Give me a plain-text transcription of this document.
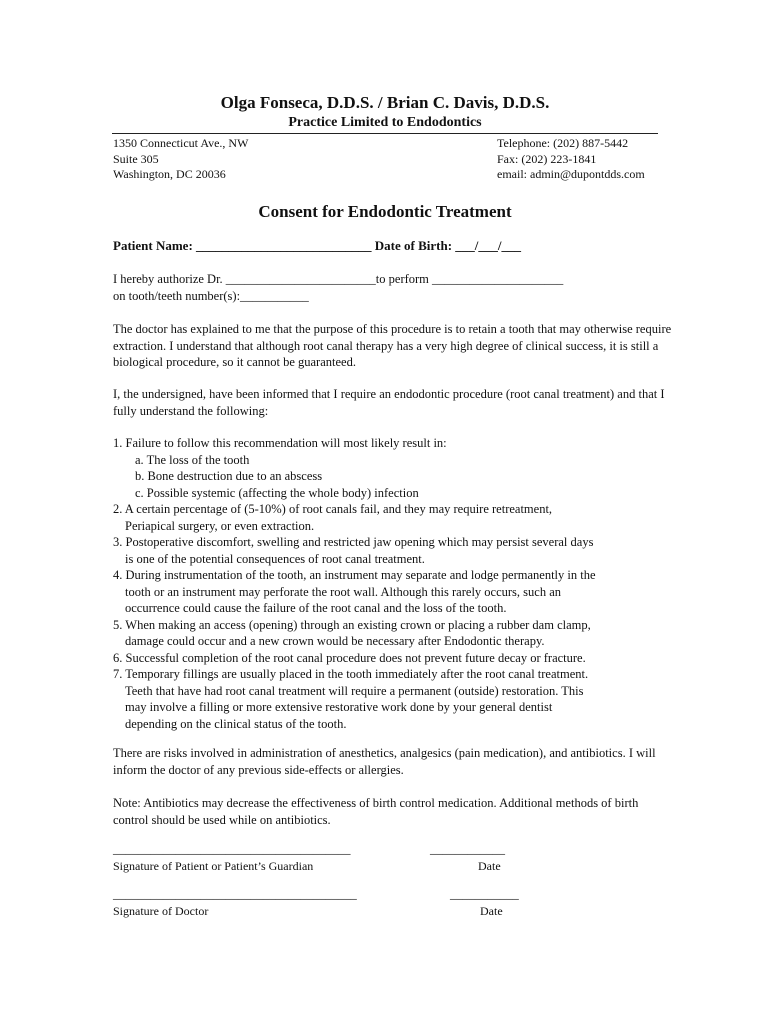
Olga Fonseca, D.D.S. / Brian C. Davis, D.D.S.
Practice Limited to Endodontics
1350 Connecticut Ave., NW
Suite 305
Washington, DC 20036
Telephone: (202) 887-5442
Fax: (202) 223-1841
email: admin@dupontdds.com
Consent for Endodontic Treatment
Patient Name: ___________________________ Date of Birth: ___/___/___
I hereby authorize Dr. ________________________to perform _____________________
on tooth/teeth number(s):___________
The doctor has explained to me that the purpose of this procedure is to retain a tooth that may otherwise require extraction. I understand that although root canal therapy has a very high degree of clinical success, it is still a biological procedure, so it cannot be guaranteed.
I, the undersigned, have been informed that I require an endodontic procedure (root canal treatment) and that I fully understand the following:
1. Failure to follow this recommendation will most likely result in:
a. The loss of the tooth
b. Bone destruction due to an abscess
c. Possible systemic (affecting the whole body) infection
2. A certain percentage of (5-10%) of root canals fail, and they may require retreatment,
Periapical surgery, or even extraction.
3. Postoperative discomfort, swelling and restricted jaw opening which may persist several days
is one of the potential consequences of root canal treatment.
4. During instrumentation of the tooth, an instrument may separate and lodge permanently in the
tooth or an instrument may perforate the root wall. Although this rarely occurs, such an
occurrence could cause the failure of the root canal and the loss of the tooth.
5. When making an access (opening) through an existing crown or placing a rubber dam clamp,
damage could occur and a new crown would be necessary after Endodontic therapy.
6. Successful completion of the root canal procedure does not prevent future decay or fracture.
7. Temporary fillings are usually placed in the tooth immediately after the root canal treatment.
Teeth that have had root canal treatment will require a permanent (outside) restoration. This
may involve a filling or more extensive restorative work done by your general dentist
depending on the clinical status of the tooth.
There are risks involved in administration of anesthetics, analgesics (pain medication), and antibiotics. I will inform the doctor of any previous side-effects or allergies.
Note: Antibiotics may decrease the effectiveness of birth control medication. Additional methods of birth control should be used while on antibiotics.
______________________________________
Signature of Patient or Patient’s Guardian
____________
Date
_______________________________________
Signature of Doctor
___________
Date
